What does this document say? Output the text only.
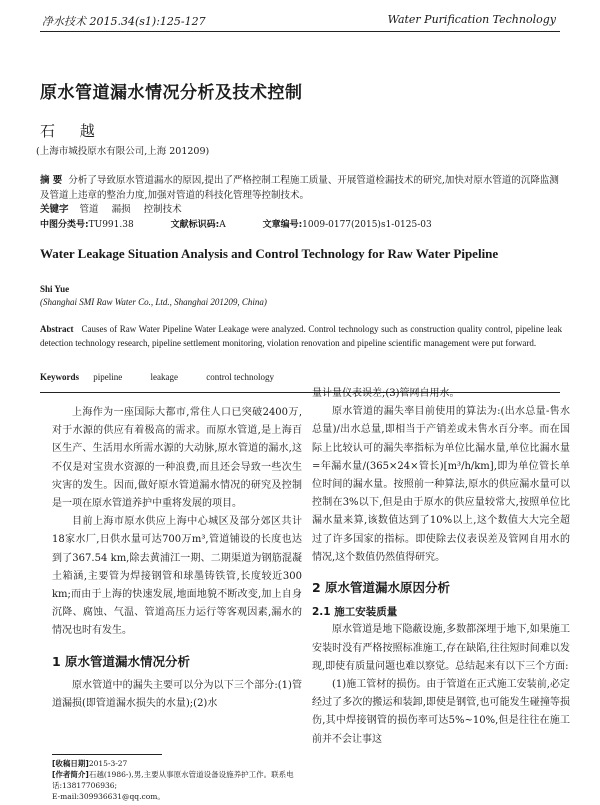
净水技术 2015.34(s1):125-127	Water Purification Technology
原水管道漏水情况分析及技术控制
石 越
(上海市城投原水有限公司,上海 201209)
摘 要 分析了导致原水管道漏水的原因,提出了严格控制工程施工质量、开展管道检漏技术的研究,加快对原水管道的沉降监测及管道上违章的整治力度,加强对管道的科技化管理等控制技术。
关键字 管道 漏损 控制技术
中图分类号:TU991.38	文献标识码:A	文章编号:1009-0177(2015)s1-0125-03
Water Leakage Situation Analysis and Control Technology for Raw Water Pipeline
Shi Yue
(Shanghai SMI Raw Water Co., Ltd., Shanghai 201209, China)
Abstract Causes of Raw Water Pipeline Water Leakage were analyzed. Control technology such as construction quality control, pipeline leak detection technology research, pipeline settlement monitoring, violation renovation and pipeline scientific management were put forward.
Keywords pipeline	leakage	control technology

上海作为一座国际大都市,常住人口已突破2400万,对于水源的供应有着极高的需求。而原水管道,是上海百区生产、生活用水所需水源的大动脉,原水管道的漏水,这不仅是对宝贵水资源的一种浪费,而且还会导致一些次生灾害的发生。因而,做好原水管道漏水情况的研究及控制是一项在原水管道养护中重将发展的项目。

目前上海市原水供应上海中心城区及部分郊区共计18家水厂,日供水量可达700万m³,管道铺设的长度也达到了367.54 km,除去黄浦江一期、二期渠道为钢筋混凝土箱涵,主要管为焊接钢管和球墨铸铁管,长度较近300 km;而由于上海的快速发展,地面地貌不断改变,加上自身沉降、腐蚀、气温、管道高压力运行等客观因素,漏水的情况也时有发生。

1 原水管道漏水情况分析

原水管道中的漏失主要可以分为以下三个部分:(1)管道漏损(即管道漏水损失的水量);(2)水

量计量仪表误差;(3)管网自用水。

原水管道的漏失率目前使用的算法为:(出水总量-售水总量)/出水总量,即相当于产销差或未售水百分率。而在国际上比较认可的漏失率指标为单位比漏水量,单位比漏水量=年漏水量/(365×24×管长)[m³/h/km],即为单位管长单位时间的漏水量。按照前一种算法,原水的供应漏水量可以控制在3%以下,但是由于原水的供应量较常大,按照单位比漏水量来算,该数值达到了10%以上,这个数值大大完全超过了许多国家的指标。即使除去仪表误差及管网自用水的情况,这个数值仍然值得研究。

2 原水管道漏水原因分析

2.1 施工安装质量

原水管道是地下隐蔽设施,多数都深埋于地下,如果施工安装时没有严格按照标准施工,存在缺陷,往往短时间难以发现,即使有质量问题也难以察觉。总结起来有以下三个方面:

(1)施工管材的损伤。由于管道在正式施工安装前,必定经过了多次的搬运和装卸,即使是钢管,也可能发生碰撞等损伤,其中焊接钢管的损伤率可达5%~10%,但是往往在施工前并不会让事这

[收稿日期]2015-3-27
[作者简介]石越(1986-),男,主要从事原水管道设备设施养护工作。联系电话:13817706936;
E-mail:309936631@qq.com。
